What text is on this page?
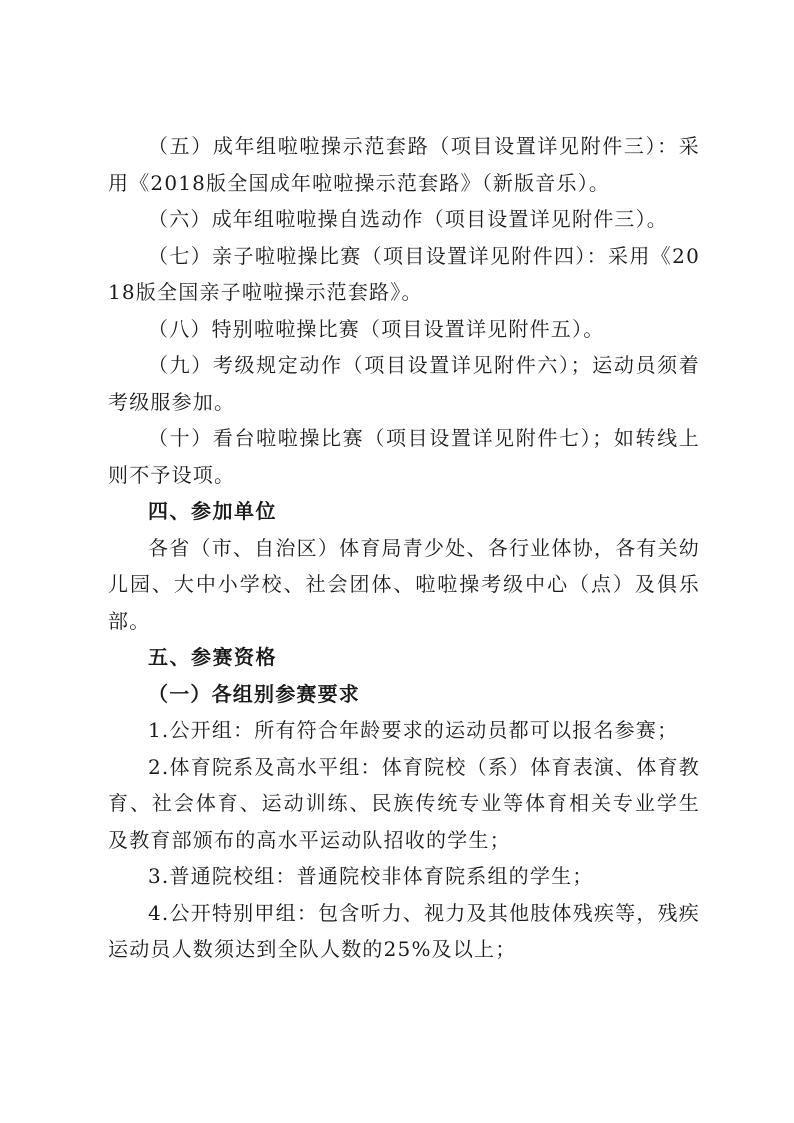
（五）成年组啦啦操示范套路（项目设置详见附件三）：采用《2018版全国成年啦啦操示范套路》（新版音乐）。

（六）成年组啦啦操自选动作（项目设置详见附件三）。

（七）亲子啦啦操比赛（项目设置详见附件四）：采用《2018版全国亲子啦啦操示范套路》。

（八）特别啦啦操比赛（项目设置详见附件五）。

（九）考级规定动作（项目设置详见附件六）；运动员须着考级服参加。

（十）看台啦啦操比赛（项目设置详见附件七）；如转线上则不予设项。

四、参加单位

各省（市、自治区）体育局青少处、各行业体协，各有关幼儿园、大中小学校、社会团体、啦啦操考级中心（点）及俱乐部。

五、参赛资格

（一）各组别参赛要求

1.公开组：所有符合年龄要求的运动员都可以报名参赛；

2.体育院系及高水平组：体育院校（系）体育表演、体育教育、社会体育、运动训练、民族传统专业等体育相关专业学生及教育部颁布的高水平运动队招收的学生；

3.普通院校组：普通院校非体育院系组的学生；

4.公开特别甲组：包含听力、视力及其他肢体残疾等，残疾运动员人数须达到全队人数的25%及以上；
